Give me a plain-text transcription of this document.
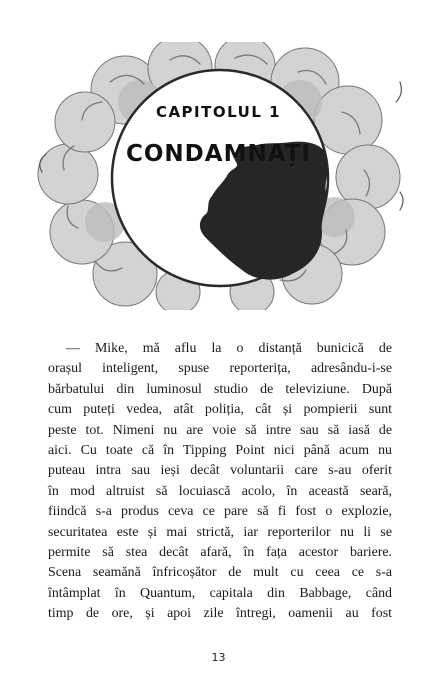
CAPITOLUL 1
CONDAMNAȚI
— Mike, mă aflu la o distanță bunicică de
orașul inteligent, spuse reporterița, adresându-i-se
bărbatului din luminosul studio de televiziune. După
cum puteți vedea, atât poliția, cât și pompierii sunt
peste tot. Nimeni nu are voie să intre sau să iasă de
aici. Cu toate că în Tipping Point nici până acum nu
puteau intra sau ieși decât voluntarii care s-au oferit
în mod altruist să locuiască acolo, în această seară,
fiindcă s-a produs ceva ce pare să fi fost o explozie,
securitatea este și mai strictă, iar reporterilor nu li se
permite să stea decât afară, în fața acestor bariere.
Scena seamănă înfricoșător de mult cu ceea ce s-a
întâmplat în Quantum, capitala din Babbage, când
timp de ore, și apoi zile întregi, oamenii au fost
13
